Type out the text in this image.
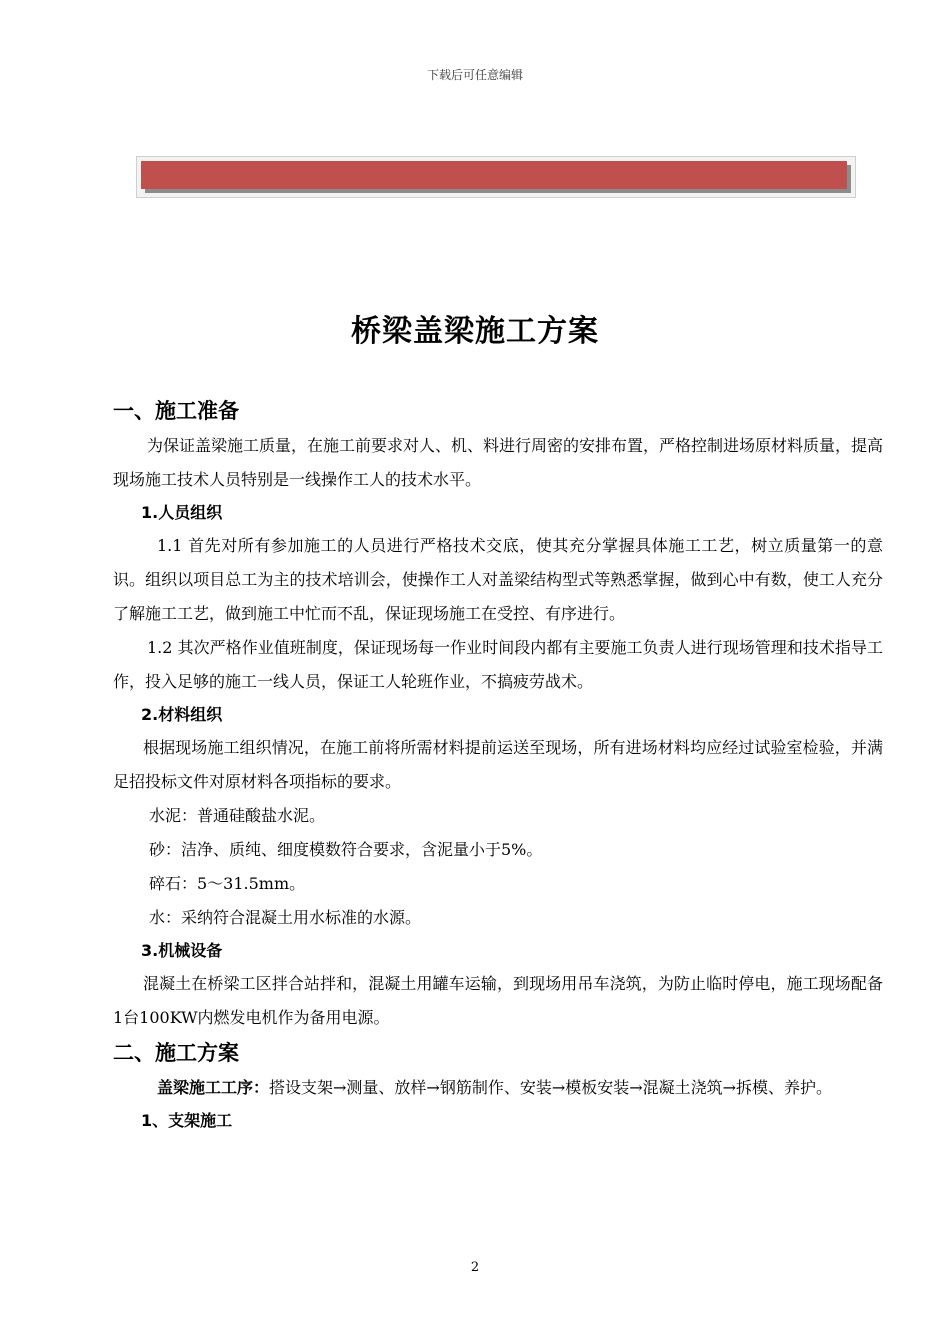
下载后可任意编辑
桥梁盖梁施工方案
一、施工准备
为保证盖梁施工质量，在施工前要求对人、机、料进行周密的安排布置，严格控制进场原材料质量，提高现场施工技术人员特别是一线操作工人的技术水平。
1.人员组织
1.1 首先对所有参加施工的人员进行严格技术交底，使其充分掌握具体施工工艺，树立质量第一的意识。组织以项目总工为主的技术培训会，使操作工人对盖梁结构型式等熟悉掌握，做到心中有数，使工人充分了解施工工艺，做到施工中忙而不乱，保证现场施工在受控、有序进行。
1.2 其次严格作业值班制度，保证现场每一作业时间段内都有主要施工负责人进行现场管理和技术指导工作，投入足够的施工一线人员，保证工人轮班作业，不搞疲劳战术。
2.材料组织
根据现场施工组织情况，在施工前将所需材料提前运送至现场，所有进场材料均应经过试验室检验，并满足招投标文件对原材料各项指标的要求。
水泥：普通硅酸盐水泥。
砂：洁净、质纯、细度模数符合要求，含泥量小于5%。
碎石：5～31.5mm。
水：采纳符合混凝土用水标准的水源。
3.机械设备
混凝土在桥梁工区拌合站拌和，混凝土用罐车运输，到现场用吊车浇筑，为防止临时停电，施工现场配备1台100KW内燃发电机作为备用电源。
二、施工方案
盖梁施工工序：搭设支架→测量、放样→钢筋制作、安装→模板安装→混凝土浇筑→拆模、养护。
1、支架施工
2
